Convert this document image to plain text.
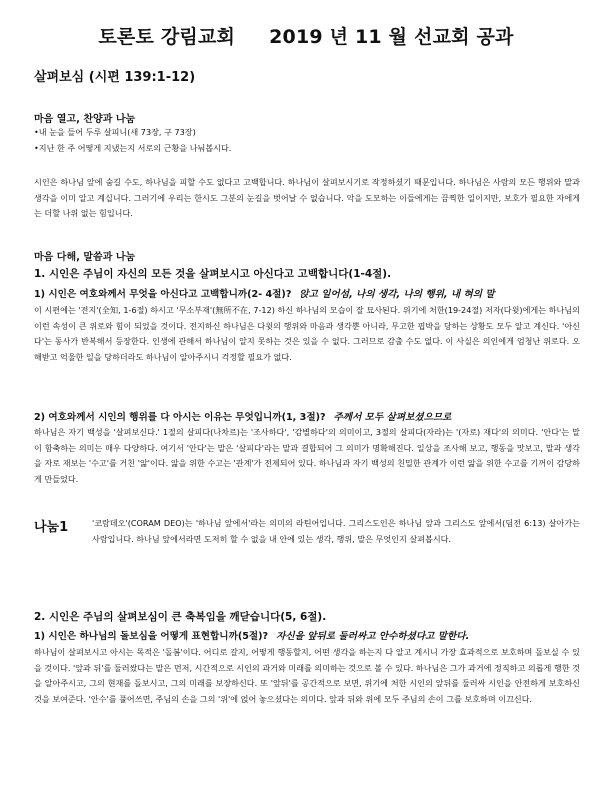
토론토 강림교회     2019 년 11 월 선교회 공과
살펴보심 (시편 139:1-12)
마음 열고, 찬양과 나눔
•내 눈을 들어 두루 살피니(새 73장, 구 73장)
•지난 한 주 어떻게 지냈는지 서로의 근황을 나눠봅시다.

시인은 하나님 앞에 숨길 수도, 하나님을 피할 수도 없다고 고백합니다. 하나님이 살펴보시기로 작정하셨기 때문입니다. 하나님은 사람의 모든 행위와 말과 생각을 이미 알고 계십니다. 그러기에 우리는 한시도 그분의 눈길을 벗어날 수 없습니다. 악을 도모하는 이들에게는 끔찍한 일이지만, 보호가 필요한 자에게는 더할 나위 없는 힘입니다.

마음 다해, 말씀과 나눔
1. 시인은 주님이 자신의 모든 것을 살펴보시고 아신다고 고백합니다(1-4절).
1) 시인은 여호와께서 무엇을 아신다고 고백합니까(2- 4절)? 앉고 일어섬, 나의 생각, 나의 행위, 내 혀의 말

이 시편에는 '전지'(全知, 1-6절) 하시고 '무소부재'(無所不在, 7-12) 하신 하나님의 모습이 잘 묘사된다. 위기에 처한(19-24절) 저자(다윗)에게는 하나님의 이런 속성이 큰 위로와 힘이 되었을 것이다. 전지하신 하나님은 다윗의 행위와 마음과 생각뿐 아니라, 무고한 핍박을 당하는 상황도 모두 알고 계신다. '아신다'는 동사가 반복해서 등장한다. 인생에 관해서 하나님이 알지 못하는 것은 있을 수 없다. 그러므로 감출 수도 없다. 이 사실은 의인에게 엄청난 위로다. 오해받고 억울한 일을 당하더라도 하나님이 알아주시니 걱정할 필요가 없다.

2) 여호와께서 시인의 행위를 다 아시는 이유는 무엇입니까(1, 3절)? 주께서 모두 살펴보셨으므로

하나님은 자기 백성을 '살펴보신다.' 1절의 살피다(나차르)는 '조사하다', '감별하다'의 의미이고, 3절의 살피다(자라)는 '(자로) 재다'의 의미다. '안다'는 말이 함축하는 의미는 매우 다양하다. 여기서 '안다'는 말은 '살피다'라는 말과 결합되어 그 의미가 명확해진다. 일상을 조사해 보고, 행동을 맛보고, 말과 생각을 자로 재보는 '수고'를 거친 '앎'이다. 앎을 위한 수고는 '관계'가 전제되어 있다. 하나님과 자기 백성의 친밀한 관계가 이런 앎을 위한 수고를 기꺼이 감당하게 만들었다.

나눔1	'코람데오'(CORAM DEO)는 '하나님 앞에서'라는 의미의 라틴어입니다. 그리스도인은 하나님 앞과 그리스도 앞에서(딤전 6:13) 살아가는 사람입니다. 하나님 앞에서라면 도저히 할 수 없을 내 안에 있는 생각, 행위, 말은 무엇인지 살펴봅시다.

2. 시인은 주님의 살펴보심이 큰 축복임을 깨닫습니다(5, 6절).
1) 시인은 하나님의 돌보심을 어떻게 표현합니까(5절)? 자신을 앞뒤로 둘러싸고 안수하셨다고 말한다.

하나님이 살펴보시고 아시는 목적은 '돌봄'이다. 어디로 갈지, 어떻게 행동할지, 어떤 생각을 하는지 다 알고 계시니 가장 효과적으로 보호하며 돌보실 수 있을 것이다. '앞과 뒤'를 둘러쌌다는 말은 먼저, 시간적으로 시인의 과거와 미래를 의미하는 것으로 볼 수 있다. 하나님은 그가 과거에 정직하고 의롭게 행한 것을 알아주시고, 그의 현재를 돌보시고, 그의 미래를 보장하신다. 또 '앞뒤'를 공간적으로 보면, 위기에 처한 시인의 앞뒤를 둘러싸 시인을 안전하게 보호하신 것을 보여준다. '안수'를 풀어쓰면, 주님의 손을 그의 '위'에 얹어 놓으셨다는 의미다. 앞과 뒤와 위에 모두 주님의 손이 그를 보호하며 이끄신다.
